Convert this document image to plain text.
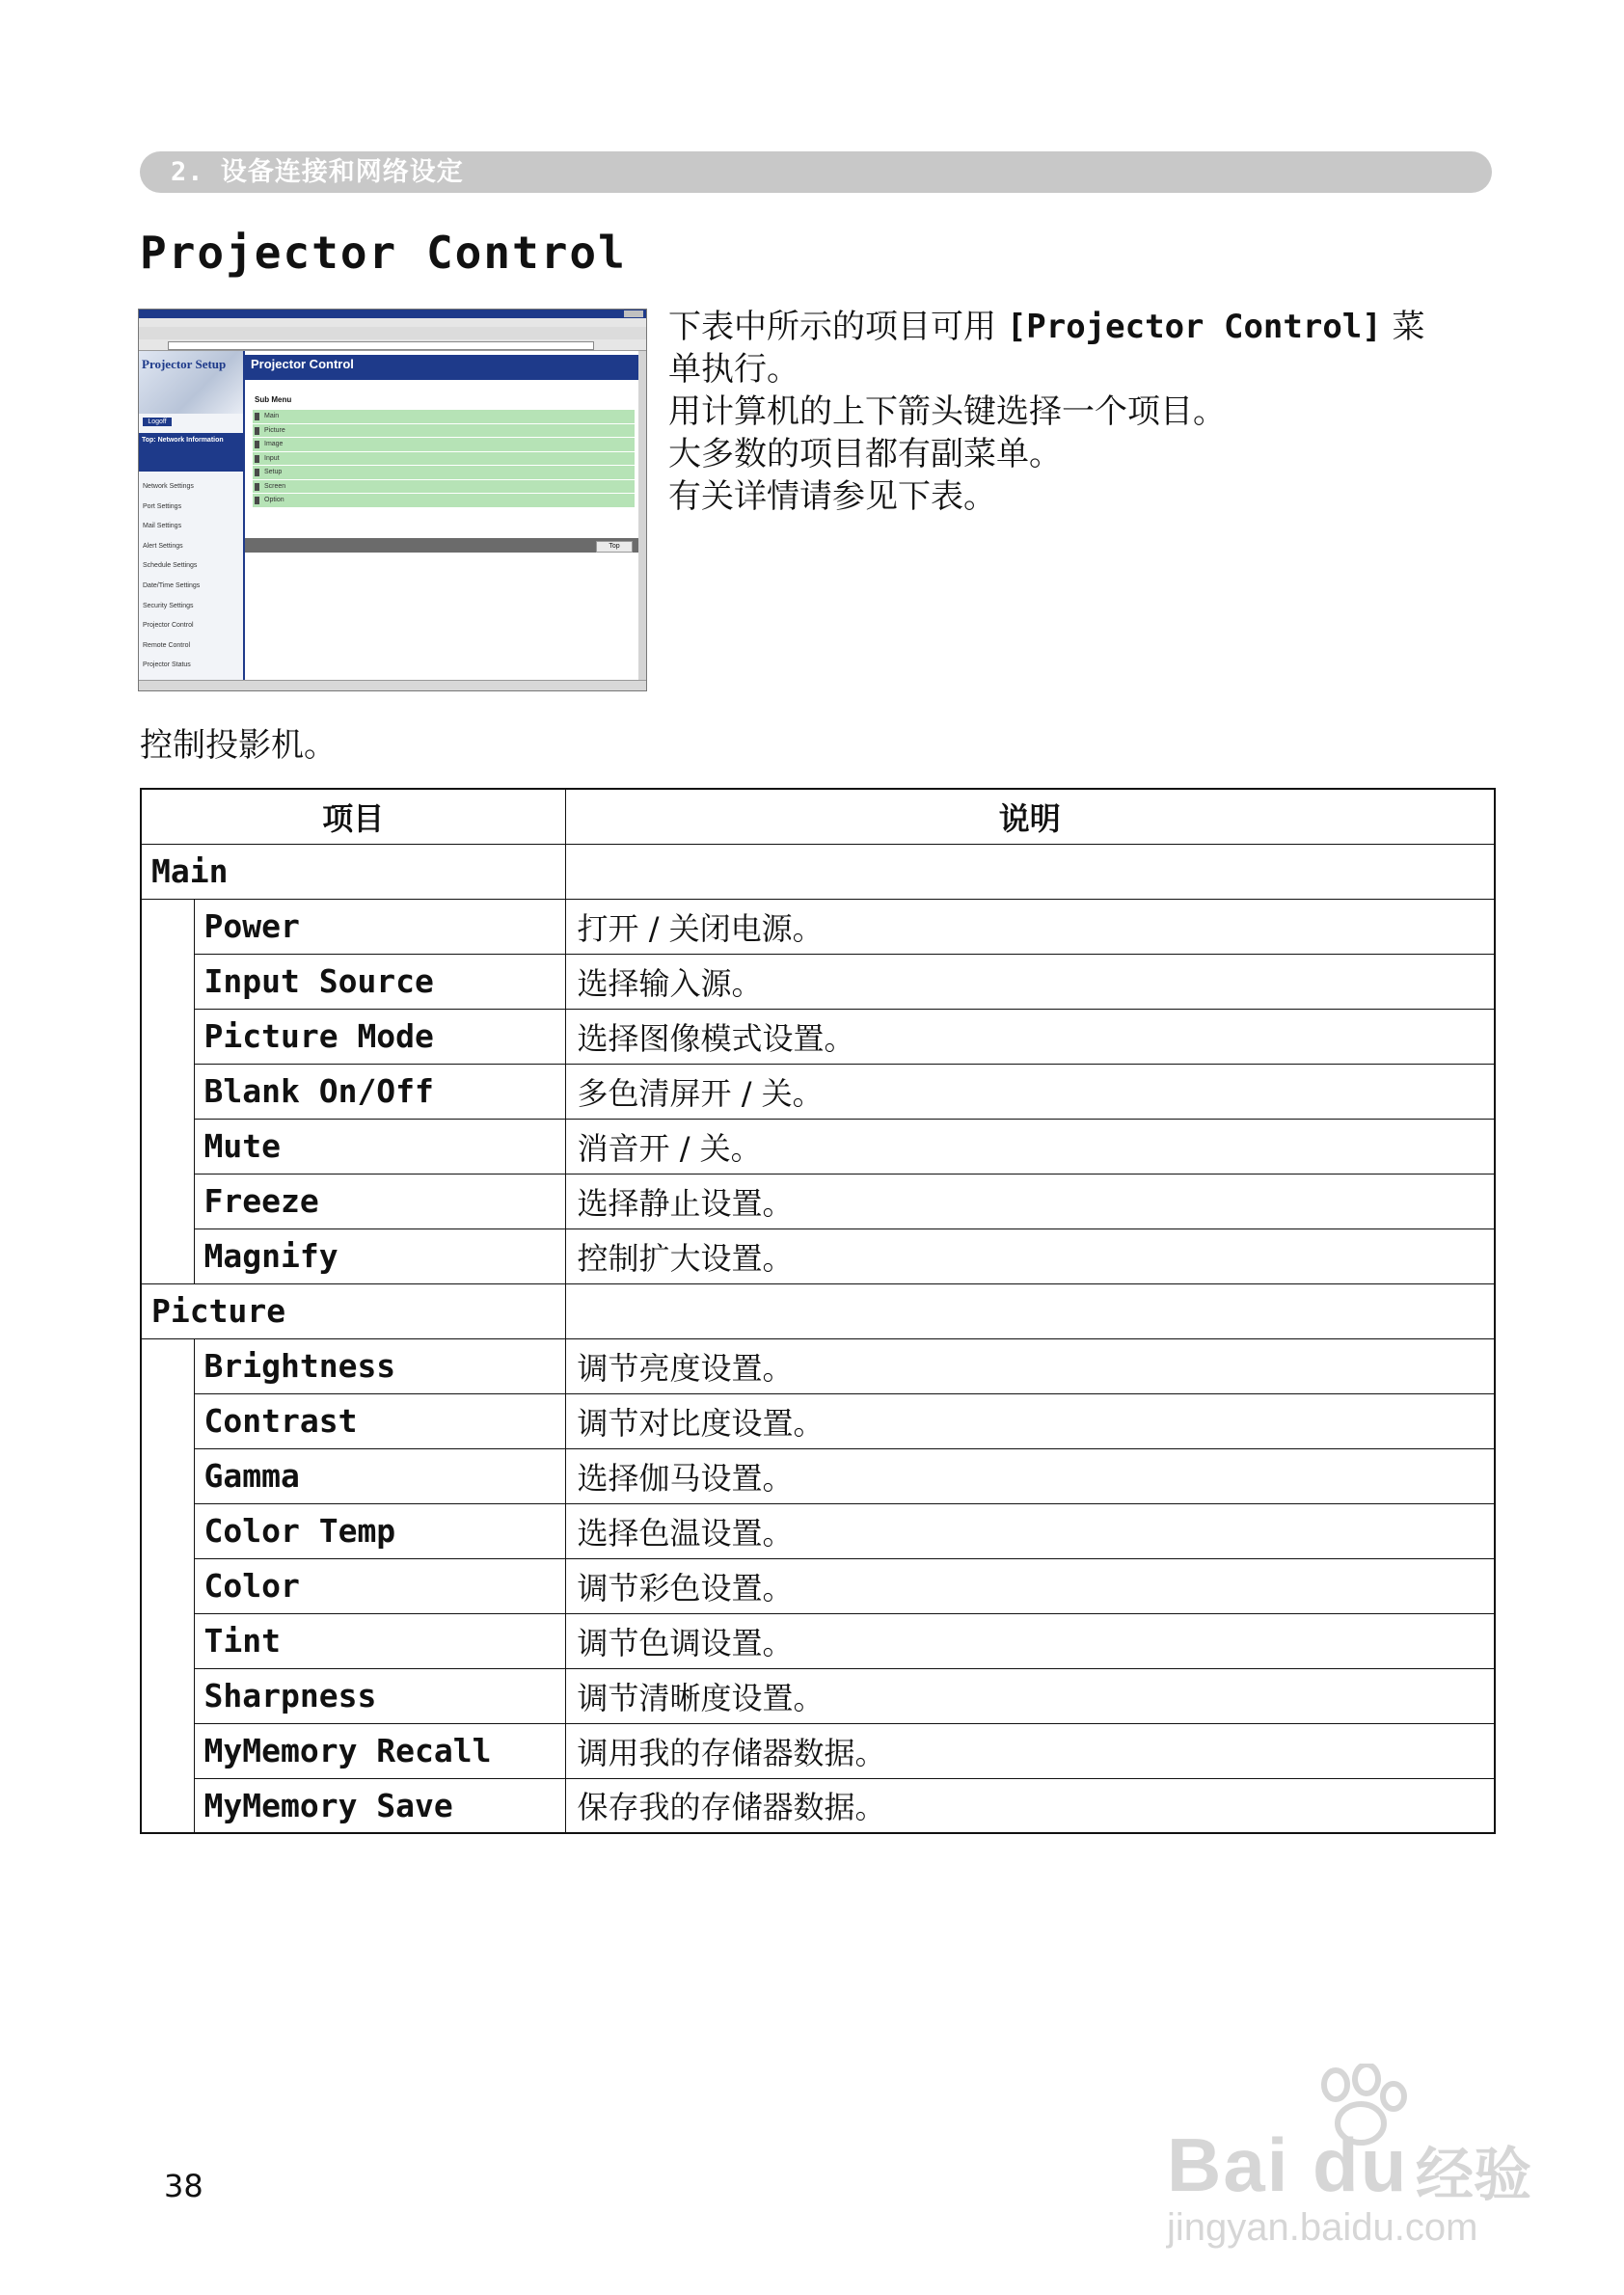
2. 设备连接和网络设定
Projector Control
Projector Setup
Logoff
Top: Network Information
Network Settings
Port Settings
Mail Settings
Alert Settings
Schedule Settings
Date/Time Settings
Security Settings
Projector Control
Remote Control
Projector Status
Projector Control
Sub Menu
Main
Picture
Image
Input
Setup
Screen
Option
Top
下表中所示的项目可用 [Projector Control] 菜
单执行。
用计算机的上下箭头键选择一个项目。
大多数的项目都有副菜单。
有关详情请参见下表。
控制投影机。
项目		说明
Main		
	Power	打开 / 关闭电源。
	Input Source	选择输入源。
	Picture Mode	选择图像模式设置。
	Blank On/Off	多色清屏开 / 关。
	Mute	消音开 / 关。
	Freeze	选择静止设置。
	Magnify	控制扩大设置。
Picture		
	Brightness	调节亮度设置。
	Contrast	调节对比度设置。
	Gamma	选择伽马设置。
	Color Temp	选择色温设置。
	Color	调节彩色设置。
	Tint	调节色调设置。
	Sharpness	调节清晰度设置。
	MyMemory Recall	调用我的存储器数据。
	MyMemory Save	保存我的存储器数据。
38	Bai du 经验
jingyan.baidu.com
